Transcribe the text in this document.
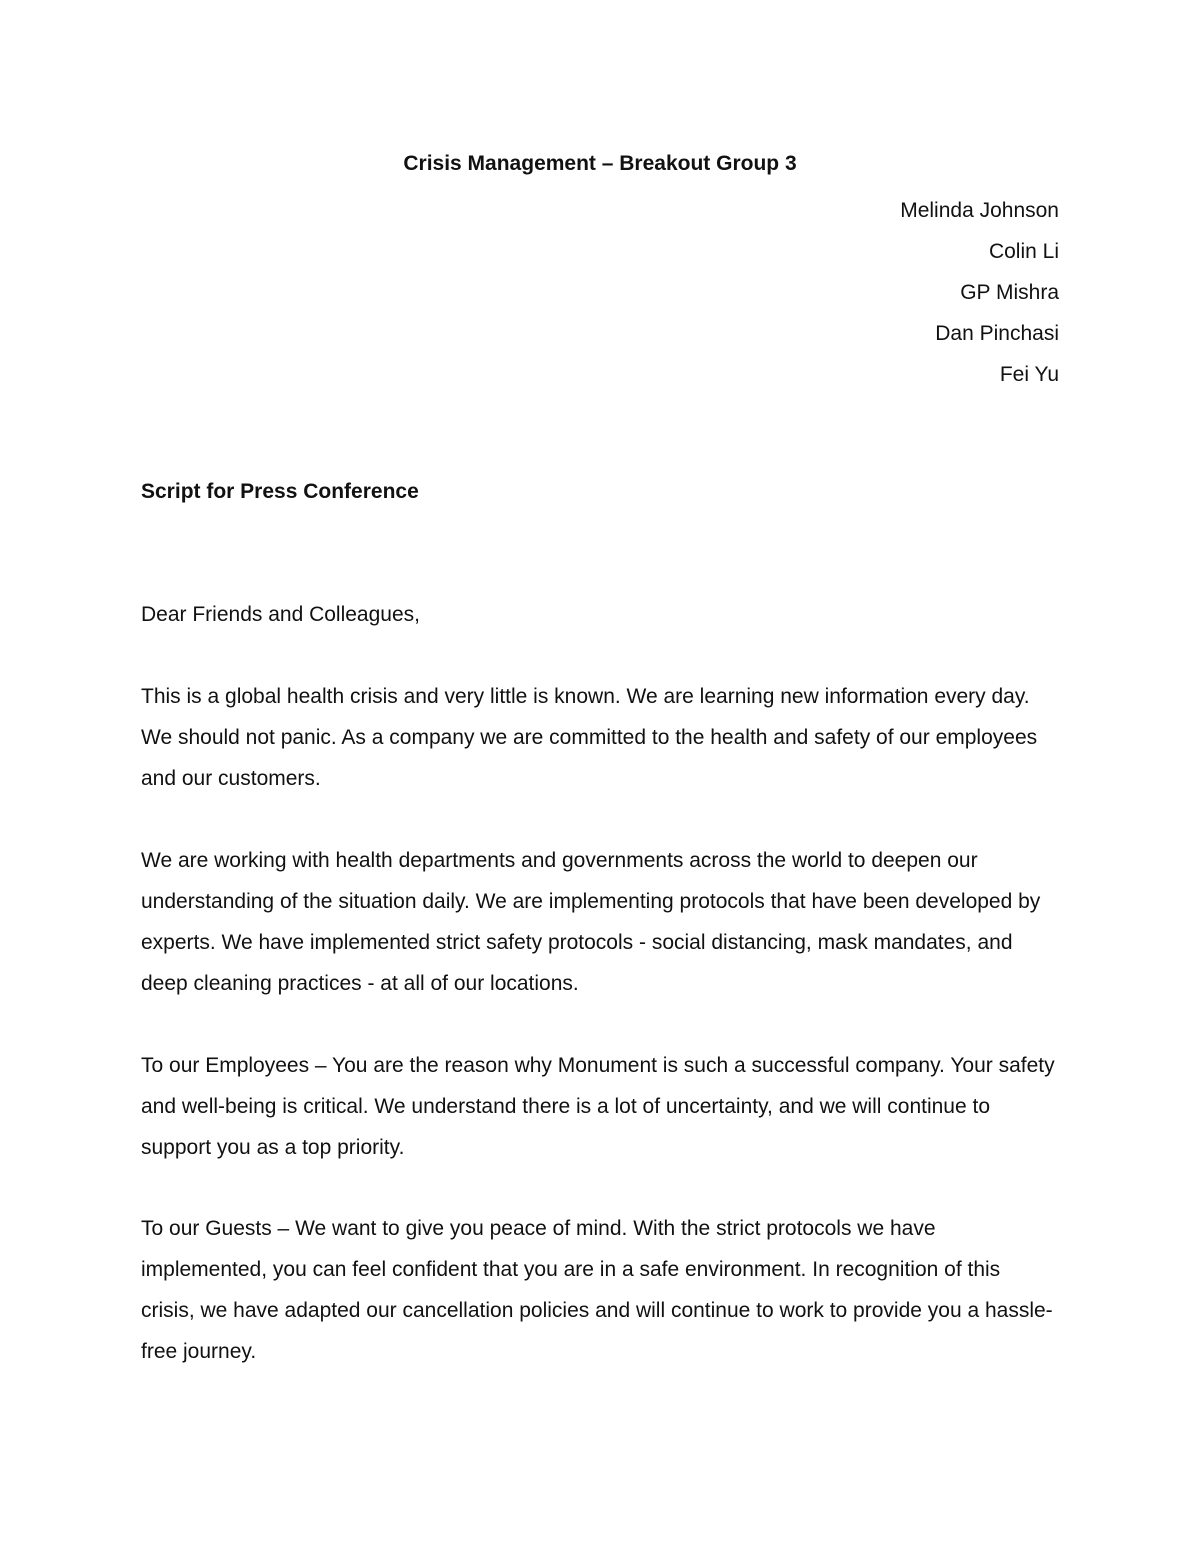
Crisis Management – Breakout Group 3
Melinda Johnson
Colin Li
GP Mishra
Dan Pinchasi
Fei Yu
Script for Press Conference

Dear Friends and Colleagues,

This is a global health crisis and very little is known. We are learning new information every day. We should not panic. As a company we are committed to the health and safety of our employees and our customers.

We are working with health departments and governments across the world to deepen our understanding of the situation daily. We are implementing protocols that have been developed by experts. We have implemented strict safety protocols - social distancing, mask mandates, and deep cleaning practices - at all of our locations.

To our Employees – You are the reason why Monument is such a successful company. Your safety and well-being is critical. We understand there is a lot of uncertainty, and we will continue to support you as a top priority.

To our Guests – We want to give you peace of mind. With the strict protocols we have implemented, you can feel confident that you are in a safe environment. In recognition of this crisis, we have adapted our cancellation policies and will continue to work to provide you a hassle-free journey.
